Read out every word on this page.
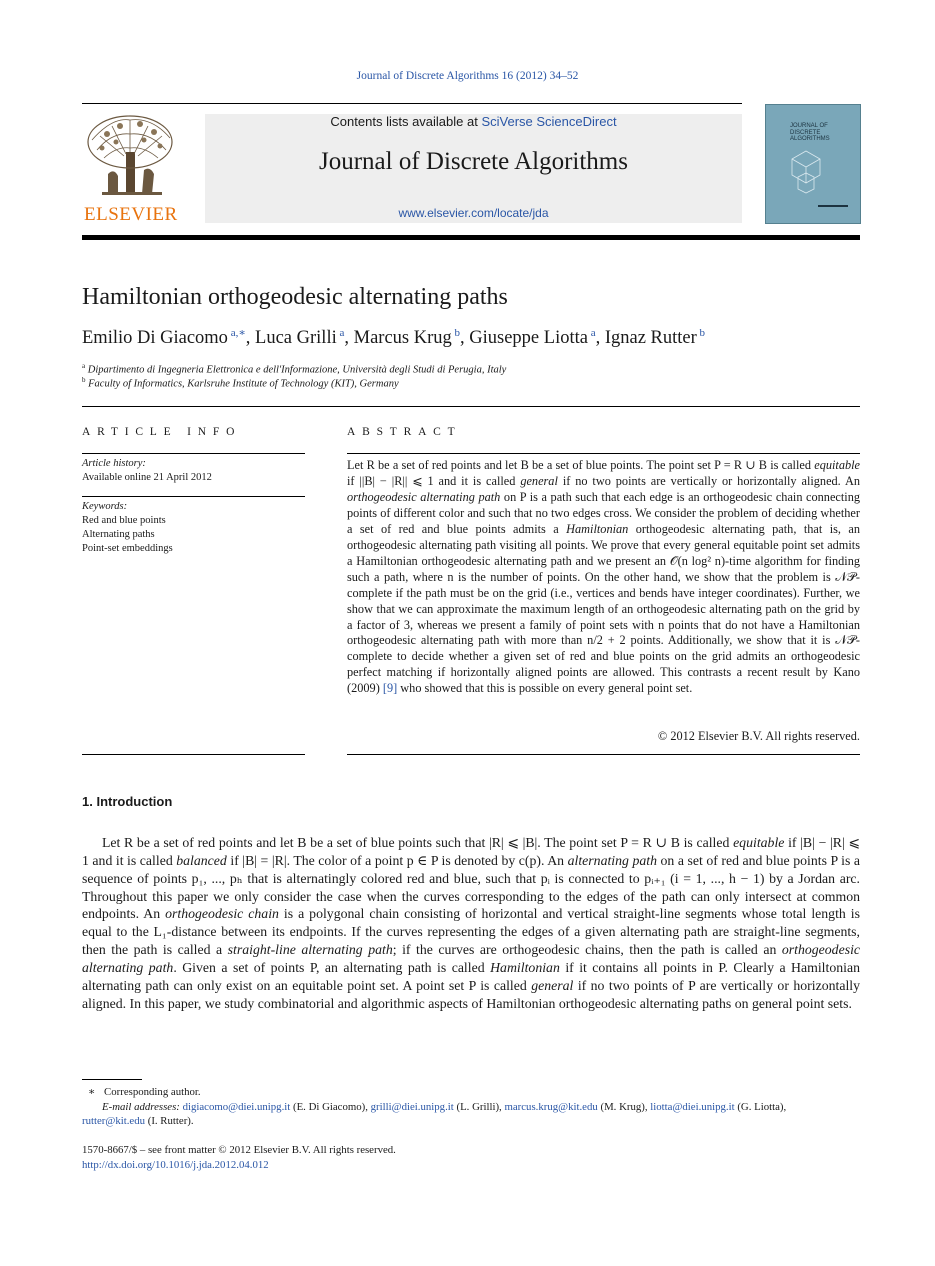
Journal of Discrete Algorithms 16 (2012) 34–52
ELSEVIER
Contents lists available at SciVerse ScienceDirect
Journal of Discrete Algorithms
www.elsevier.com/locate/jda
JOURNAL OF DISCRETE ALGORITHMS
Hamiltonian orthogeodesic alternating paths
Emilio Di Giacomo $^{a,∗}$, Luca Grilli $^a$, Marcus Krug $^b$, Giuseppe Liotta $^a$, Ignaz Rutter $^b$
$^a$ Dipartimento di Ingegneria Elettronica e dell'Informazione, Università degli Studi di Perugia, Italy
$^b$ Faculty of Informatics, Karlsruhe Institute of Technology (KIT), Germany
ARTICLE INFO
Article history:
Available online 21 April 2012
Keywords:
Red and blue points
Alternating paths
Point-set embeddings
ABSTRACT
Let R be a set of red points and let B be a set of blue points. The point set P = R ∪ B is called equitable if ||B| − |R|| ⩽ 1 and it is called general if no two points are vertically or horizontally aligned. An orthogeodesic alternating path on P is a path such that each edge is an orthogeodesic chain connecting points of different color and such that no two edges cross. We consider the problem of deciding whether a set of red and blue points admits a Hamiltonian orthogeodesic alternating path, that is, an orthogeodesic alternating path visiting all points. We prove that every general equitable point set admits a Hamiltonian orthogeodesic alternating path and we present an 𝒪(n log² n)-time algorithm for finding such a path, where n is the number of points. On the other hand, we show that the problem is 𝒩𝒫-complete if the path must be on the grid (i.e., vertices and bends have integer coordinates). Further, we show that we can approximate the maximum length of an orthogeodesic alternating path on the grid by a factor of 3, whereas we present a family of point sets with n points that do not have a Hamiltonian orthogeodesic alternating path with more than n/2 + 2 points. Additionally, we show that it is 𝒩𝒫-complete to decide whether a given set of red and blue points on the grid admits an orthogeodesic perfect matching if horizontally aligned points are allowed. This contrasts a recent result by Kano (2009) [9] who showed that this is possible on every general point set.
© 2012 Elsevier B.V. All rights reserved.
1. Introduction
Let R be a set of red points and let B be a set of blue points such that |R| ⩽ |B|. The point set P = R ∪ B is called equitable if |B| − |R| ⩽ 1 and it is called balanced if |B| = |R|. The color of a point p ∈ P is denoted by c(p). An alternating path on a set of red and blue points P is a sequence of points p₁, ..., pₕ that is alternatingly colored red and blue, such that pᵢ is connected to pᵢ₊₁ (i = 1, ..., h − 1) by a Jordan arc. Throughout this paper we only consider the case when the curves corresponding to the edges of the path can only intersect at common endpoints. An orthogeodesic chain is a polygonal chain consisting of horizontal and vertical straight-line segments whose total length is equal to the L₁-distance between its endpoints. If the curves representing the edges of a given alternating path are straight-line segments, then the path is called a straight-line alternating path; if the curves are orthogeodesic chains, then the path is called an orthogeodesic alternating path. Given a set of points P, an alternating path is called Hamiltonian if it contains all points in P. Clearly a Hamiltonian alternating path can only exist on an equitable point set. A point set P is called general if no two points of P are vertically or horizontally aligned. In this paper, we study combinatorial and algorithmic aspects of Hamiltonian orthogeodesic alternating paths on general point sets.
∗ Corresponding author.
E-mail addresses: digiacomo@diei.unipg.it (E. Di Giacomo), grilli@diei.unipg.it (L. Grilli), marcus.krug@kit.edu (M. Krug), liotta@diei.unipg.it (G. Liotta),
rutter@kit.edu (I. Rutter).
1570-8667/$ – see front matter © 2012 Elsevier B.V. All rights reserved.
http://dx.doi.org/10.1016/j.jda.2012.04.012
